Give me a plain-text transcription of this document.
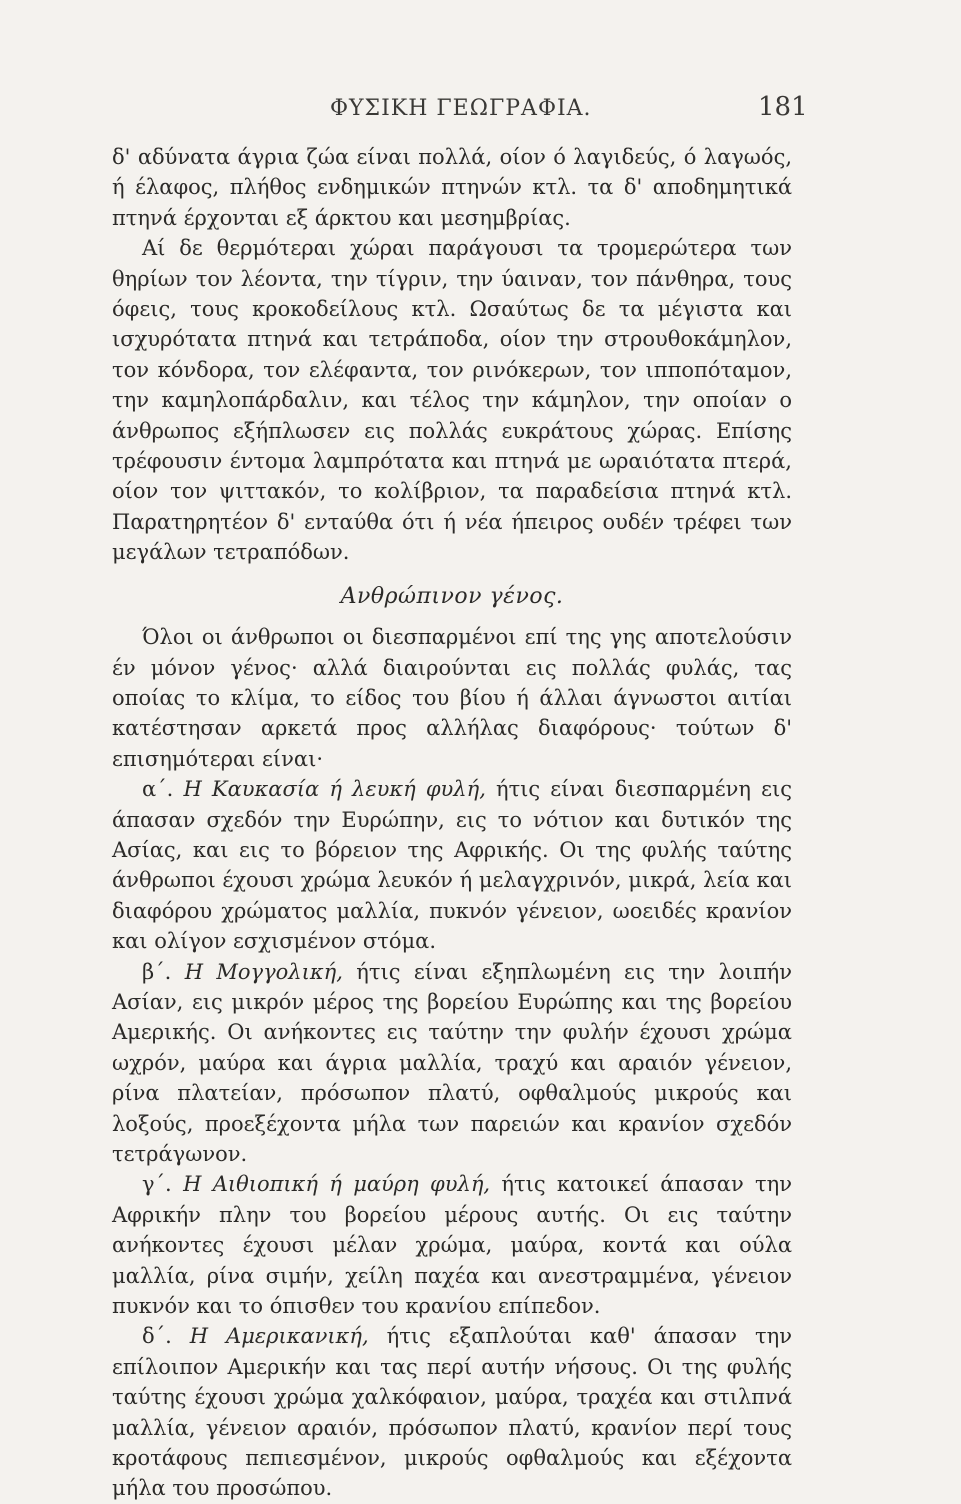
ΦΥΣΙΚΗ ΓΕΩΓΡΑΦΙΑ.	181

δ' αδύνατα άγρια ζώα είναι πολλά, οίον ό λαγιδεύς, ό λαγωός, ή έλαφος, πλήθος ενδημικών πτηνών κτλ. τα δ' αποδημητικά πτηνά έρχονται εξ άρκτου και μεσημβρίας.

Αί δε θερμότεραι χώραι παράγουσι τα τρομερώτερα των θηρίων τον λέοντα, την τίγριν, την ύαιναν, τον πάνθηρα, τους όφεις, τους κροκοδείλους κτλ. Ωσαύτως δε τα μέγιστα και ισχυρότατα πτηνά και τετράποδα, οίον την στρουθοκάμηλον, τον κόνδορα, τον ελέφαντα, τον ρινόκερων, τον ιπποπόταμον, την καμηλοπάρδαλιν, και τέλος την κάμηλον, την οποίαν ο άνθρωπος εξήπλωσεν εις πολλάς ευκράτους χώρας. Επίσης τρέφουσιν έντομα λαμπρότατα και πτηνά με ωραιότατα πτερά, οίον τον ψιττακόν, το κολίβριον, τα παραδείσια πτηνά κτλ. Παρατηρητέον δ' ενταύθα ότι ή νέα ήπειρος ουδέν τρέφει των μεγάλων τετραπόδων.

Ανθρώπινον γένος.

Όλοι οι άνθρωποι οι διεσπαρμένοι επί της γης αποτελούσιν έν μόνον γένος· αλλά διαιρούνται εις πολλάς φυλάς, τας οποίας το κλίμα, το είδος του βίου ή άλλαι άγνωστοι αιτίαι κατέστησαν αρκετά προς αλλήλας διαφόρους· τούτων δ' επισημότεραι είναι·

α΄. Η Καυκασία ή λευκή φυλή, ήτις είναι διεσπαρμένη εις άπασαν σχεδόν την Ευρώπην, εις το νότιον και δυτικόν της Ασίας, και εις το βόρειον της Αφρικής. Οι της φυλής ταύτης άνθρωποι έχουσι χρώμα λευκόν ή μελαγχρινόν, μικρά, λεία και διαφόρου χρώματος μαλλία, πυκνόν γένειον, ωοειδές κρανίον και ολίγον εσχισμένον στόμα.

β΄. Η Μογγολική, ήτις είναι εξηπλωμένη εις την λοιπήν Ασίαν, εις μικρόν μέρος της βορείου Ευρώπης και της βορείου Αμερικής. Οι ανήκοντες εις ταύτην την φυλήν έχουσι χρώμα ωχρόν, μαύρα και άγρια μαλλία, τραχύ και αραιόν γένειον, ρίνα πλατείαν, πρόσωπον πλατύ, οφθαλμούς μικρούς και λοξούς, προεξέχοντα μήλα των παρειών και κρανίον σχεδόν τετράγωνον.

γ΄. Η Αιθιοπική ή μαύρη φυλή, ήτις κατοικεί άπασαν την Αφρικήν πλην του βορείου μέρους αυτής. Οι εις ταύτην ανήκοντες έχουσι μέλαν χρώμα, μαύρα, κοντά και ούλα μαλλία, ρίνα σιμήν, χείλη παχέα και ανεστραμμένα, γένειον πυκνόν και το όπισθεν του κρανίου επίπεδον.

δ΄. Η Αμερικανική, ήτις εξαπλούται καθ' άπασαν την επίλοιπον Αμερικήν και τας περί αυτήν νήσους. Οι της φυλής ταύτης έχουσι χρώμα χαλκόφαιον, μαύρα, τραχέα και στιλπνά μαλλία, γένειον αραιόν, πρόσωπον πλατύ, κρανίον περί τους κροτάφους πεπιεσμένον, μικρούς οφθαλμούς και εξέχοντα μήλα του προσώπου.
